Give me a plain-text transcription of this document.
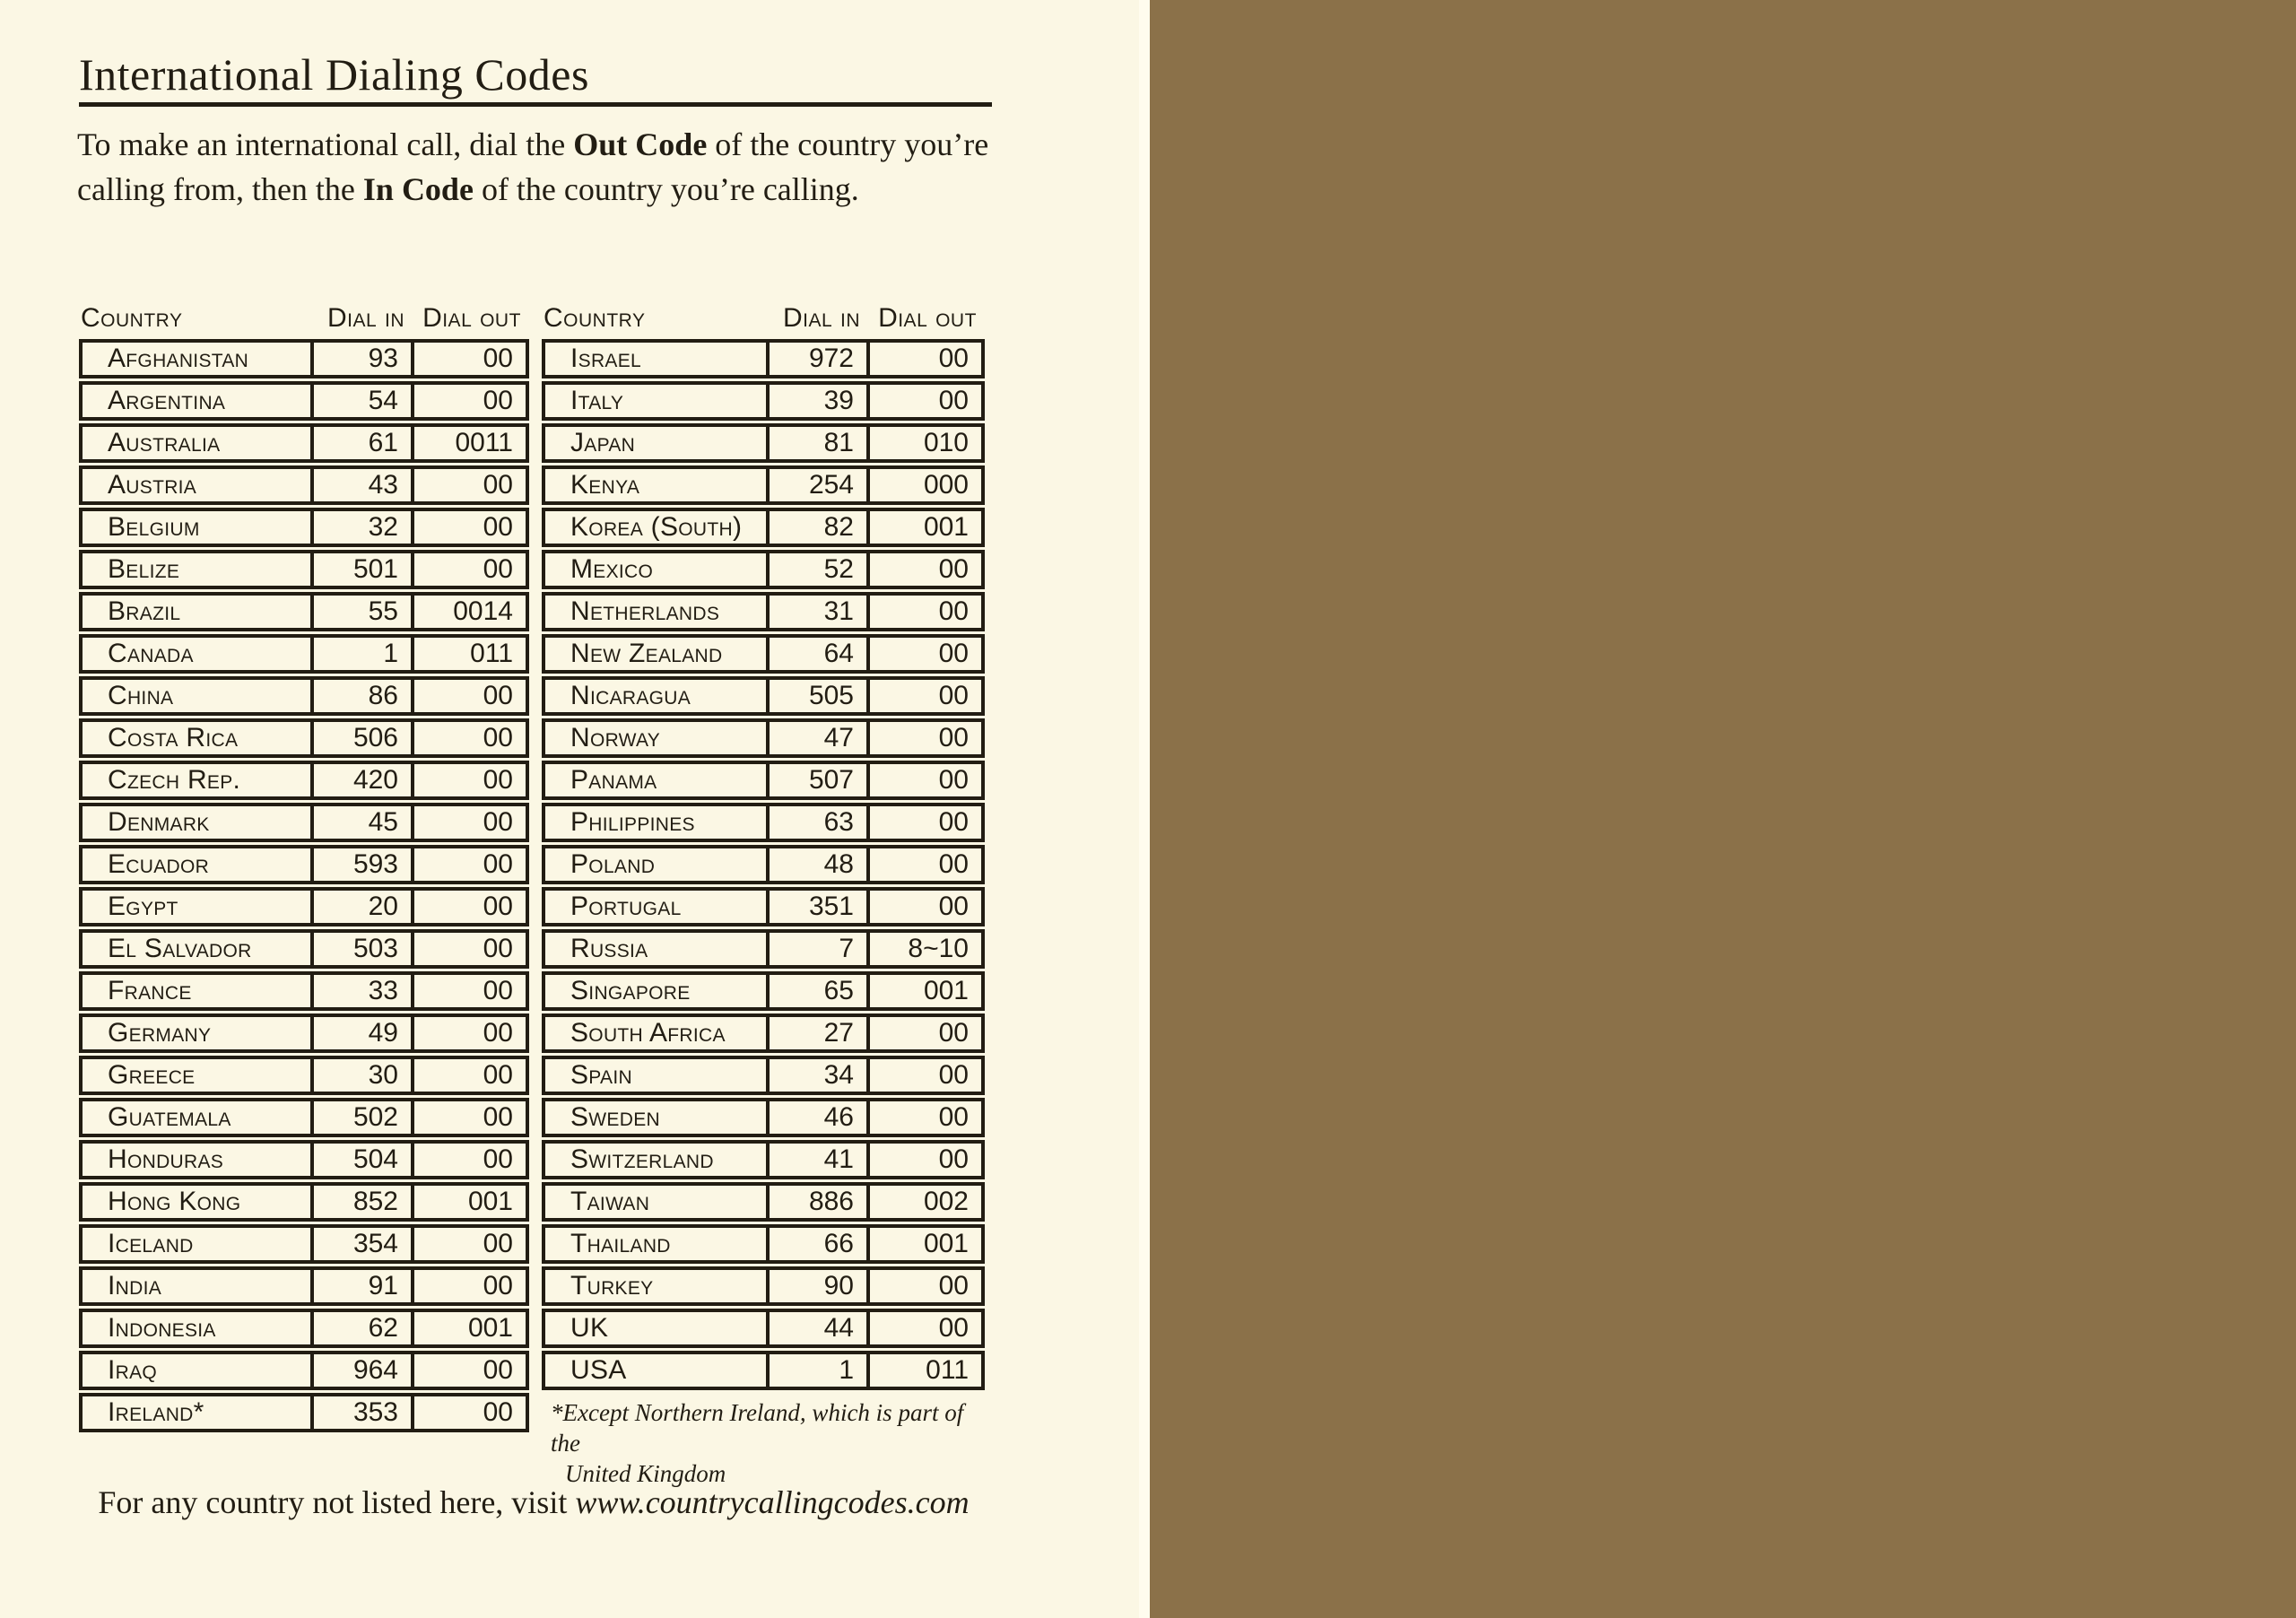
International Dialing Codes
To make an international call, dial the Out Code of the country you’re
calling from, then the In Code of the country you’re calling.
Country	Dial in Dial out
Afghanistan	93	00
Argentina	54	00
Australia	61	0011
Austria	43	00
Belgium	32	00
Belize	501	00
Brazil	55	0014
Canada	1	011
China	86	00
Costa Rica	506	00
Czech Rep.	420	00
Denmark	45	00
Ecuador	593	00
Egypt	20	00
El Salvador	503	00
France	33	00
Germany	49	00
Greece	30	00
Guatemala	502	00
Honduras	504	00
Hong Kong	852	001
Iceland	354	00
India	91	00
Indonesia	62	001
Iraq	964	00
Ireland*	353	00
Country	Dial in Dial out
Israel	972	00
Italy	39	00
Japan	81	010
Kenya	254	000
Korea (South)	82	001
Mexico	52	00
Netherlands	31	00
New Zealand	64	00
Nicaragua	505	00
Norway	47	00
Panama	507	00
Philippines	63	00
Poland	48	00
Portugal	351	00
Russia	7	8~10
Singapore	65	001
South Africa	27	00
Spain	34	00
Sweden	46	00
Switzerland	41	00
Taiwan	886	002
Thailand	66	001
Turkey	90	00
UK	44	00
USA	1	011
*Except Northern Ireland, which is part of the
United Kingdom
For any country not listed here, visit www.countrycallingcodes.com
